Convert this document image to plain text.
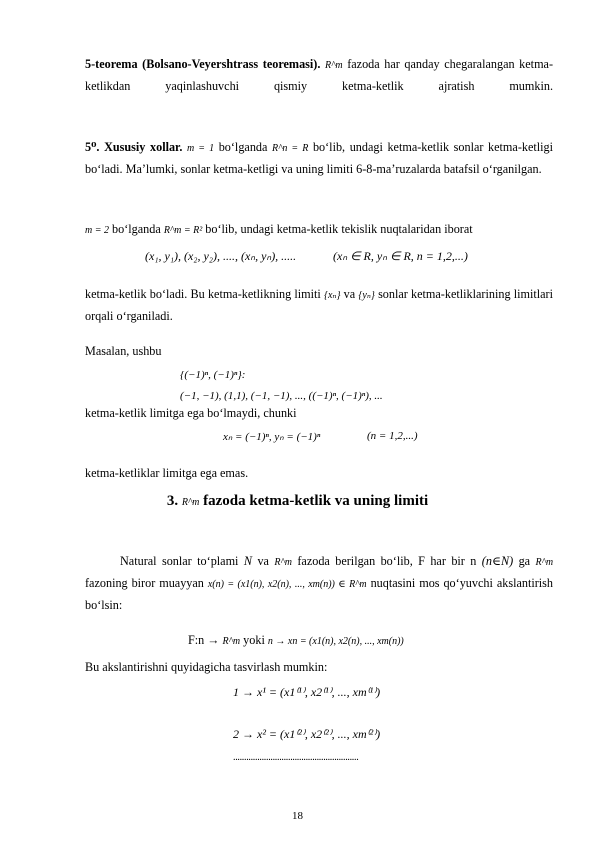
5-teorema (Bolsano-Veyershtrass teoremasi). R^m fazoda har qanday chegaralangan ketma-ketlikdan yaqinlashuvchi qismiy ketma-ketlik ajratish mumkin.
5⁰. Xususiy xollar. m = 1 bo‘lganda R^n = R bo‘lib, undagi ketma-ketlik sonlar ketma-ketligi bo‘ladi. Ma’lumki, sonlar ketma-ketligi va uning limiti 6-8-ma’ruzalarda batafsil o‘rganilgan.
m = 2 bo‘lganda R^m = R² bo‘lib, undagi ketma-ketlik tekislik nuqtalaridan iborat
(x₁, y₁), (x₂, y₂), ...., (xₙ, yₙ), .....	(xₙ ∈ R, yₙ ∈ R, n = 1,2,...)
ketma-ketlik bo‘ladi. Bu ketma-ketlikning limiti {xₙ} va {yₙ} sonlar ketma-ketliklarining limitlari orqali o‘rganiladi.
Masalan, ushbu
{(−1)ⁿ, (−1)ⁿ}:
(−1, −1), (1,1), (−1, −1), ..., ((−1)ⁿ, (−1)ⁿ), ...
ketma-ketlik limitga ega bo‘lmaydi, chunki
xₙ = (−1)ⁿ, yₙ = (−1)ⁿ	(n = 1,2,...)
ketma-ketliklar limitga ega emas.
3. R^m fazoda ketma-ketlik va uning limiti
Natural sonlar to‘plami N va R^m fazoda berilgan bo‘lib, F har bir n (n∈N) ga R^m fazoning biror muayyan x(n) = (x1(n), x2(n), ..., xm(n)) ∈ R^m nuqtasini mos qo‘yuvchi akslantirish bo‘lsin:
F:n → R^m yoki n → xn = (x1(n), x2(n), ..., xm(n))
Bu akslantirishni quyidagicha tasvirlash mumkin:
1 → x¹ = (x1⁽¹⁾, x2⁽¹⁾, ..., xm⁽¹⁾)
2 → x² = (x1⁽²⁾, x2⁽²⁾, ..., xm⁽²⁾)
.........................................................
18
